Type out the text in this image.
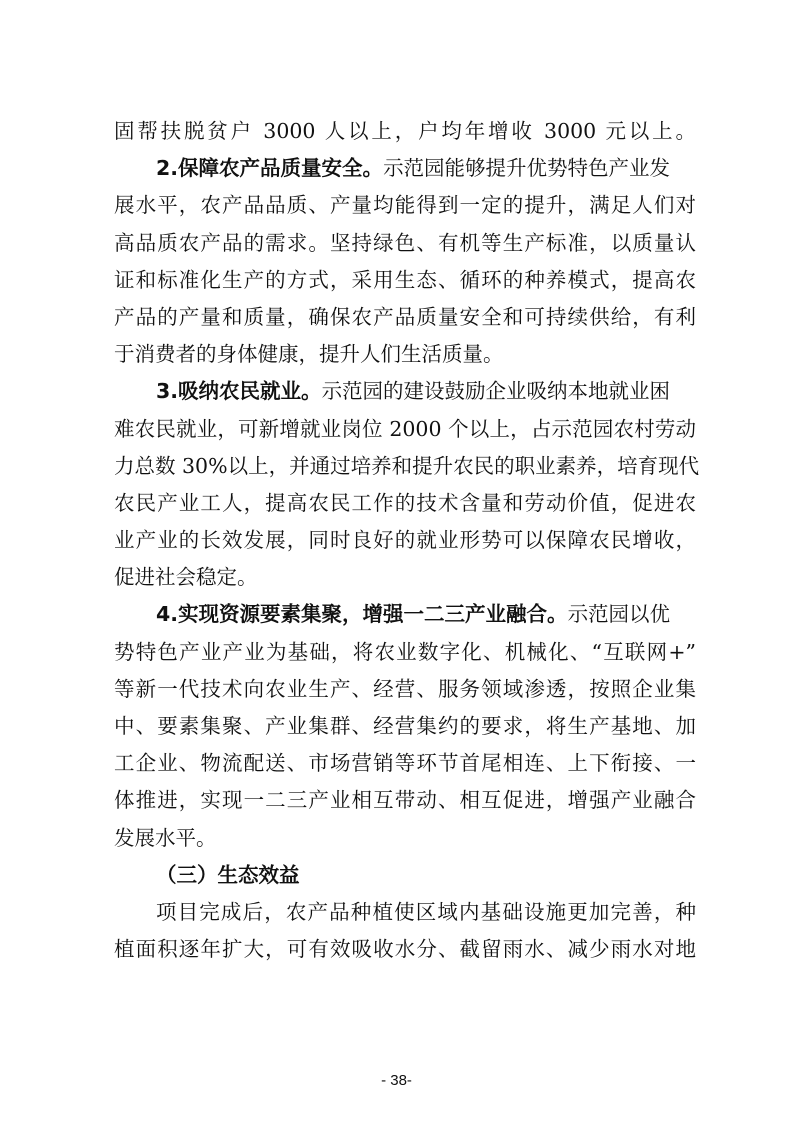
固帮扶脱贫户 3000 人以上，户均年增收 3000 元以上。
2.保障农产品质量安全。示范园能够提升优势特色产业发
展水平，农产品品质、产量均能得到一定的提升，满足人们对
高品质农产品的需求。坚持绿色、有机等生产标准，以质量认
证和标准化生产的方式，采用生态、循环的种养模式，提高农
产品的产量和质量，确保农产品质量安全和可持续供给，有利
于消费者的身体健康，提升人们生活质量。
3.吸纳农民就业。示范园的建设鼓励企业吸纳本地就业困
难农民就业，可新增就业岗位 2000 个以上，占示范园农村劳动
力总数 30%以上，并通过培养和提升农民的职业素养，培育现代
农民产业工人，提高农民工作的技术含量和劳动价值，促进农
业产业的长效发展，同时良好的就业形势可以保障农民增收，
促进社会稳定。
4.实现资源要素集聚，增强一二三产业融合。示范园以优
势特色产业产业为基础，将农业数字化、机械化、“互联网+”
等新一代技术向农业生产、经营、服务领域渗透，按照企业集
中、要素集聚、产业集群、经营集约的要求，将生产基地、加
工企业、物流配送、市场营销等环节首尾相连、上下衔接、一
体推进，实现一二三产业相互带动、相互促进，增强产业融合
发展水平。
（三）生态效益
项目完成后，农产品种植使区域内基础设施更加完善，种
植面积逐年扩大，可有效吸收水分、截留雨水、减少雨水对地
- 38-
